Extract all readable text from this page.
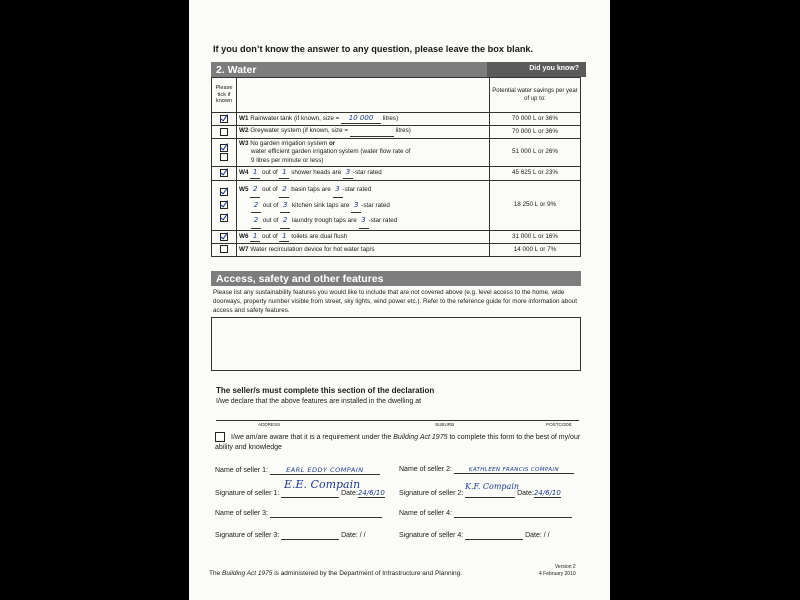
If you don’t know the answer to any question, please leave the box blank.
2. Water	Did you know?
Please tick if known		Potential water savings per year of up to:
	W1 Rainwater tank (if known, size = 10 000 litres)	70 000 L or 36%
	W2 Greywater system (if known, size = litres)	70 000 L or 36%

	W3 No garden irrigation system or
water efficient garden irrigation system (water flow rate of
9 litres per minute or less)	51 000 L or 26%
	W4 1 out of 1 shower heads are 3 -star rated	45 625 L or 23%

	W5 2 out of 2 basin taps are 3 -star rated
2 out of 3 kitchen sink taps are 3 -star rated
2 out of 2 laundry trough taps are 3 -star rated	18 250 L or 9%
	W6 1 out of 1 toilets are dual flush	31 000 L or 16%
	W7 Water recirculation device for hot water tap/s	14 000 L or 7%
Access, safety and other features
Please list any sustainability features you would like to include that are not covered above (e.g. level access to the home, wide doorways, property number visible from street, sky lights, wind power etc.). Refer to the reference guide for more information about access and safety features.
The seller/s must complete this section of the declaration
I/we declare that the above features are installed in the dwelling at
ADDRESS	SUBURB	POSTCODE
I/we am/are aware that it is a requirement under the Building Act 1975 to complete this form to the best of my/our ability and knowledge
Name of seller 1:	EARL EDDY COMPAIN	Name of seller 2:	KATHLEEN FRANCIS COMPAIN
Signature of seller 1:	Date:24/6/10
E.E. Compain
Signature of seller 2:	Date:24/6/10
K.F. Compain
Name of seller 3:	Name of seller 4:
Signature of seller 3:	Date: / /	Signature of seller 4:	Date: / /
The Building Act 1975 is administered by the Department of Infrastructure and Planning.
Version 2
4 February 2010
